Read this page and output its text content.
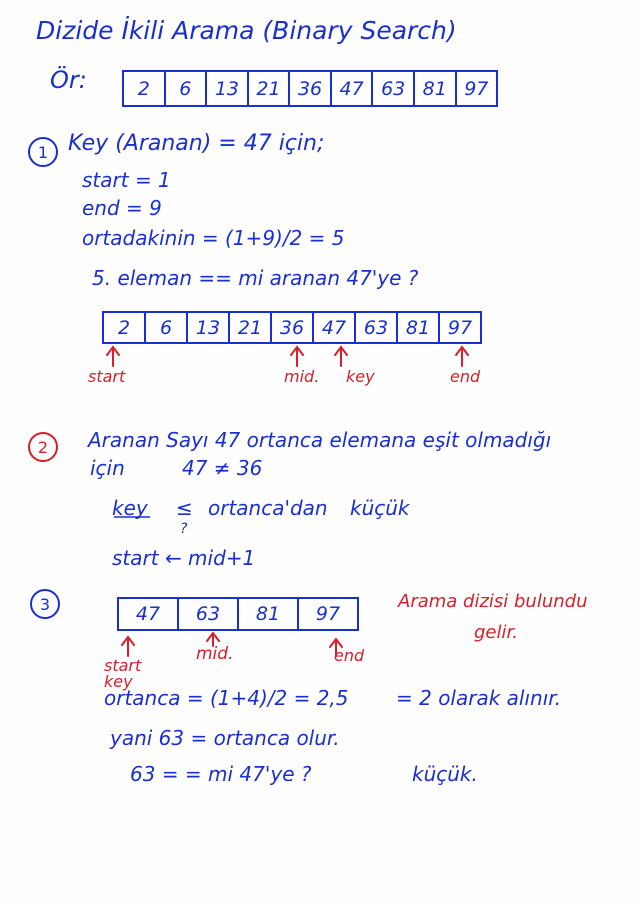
Dizide İkili Arama (Binary Search)
Ör:	2	6	13 21 36 47 63 81 97
1 Key (Aranan) = 47 için;
start = 1
end = 9
ortadakinin = (1+9)/2 = 5
5. eleman == mi aranan 47'ye ?
2	6	13 21 36 47 63 81 97
start	mid. key	end
2	Aranan Sayı 47 ortanca elemana eşit olmadığı
için	47 ≠ 36
key ≤ ortanca'dan küçük
?
start ← mid+1
3	47	63	81	97
Arama dizisi bulundu
gelir.
start
key
mid.	end
ortanca = (1+4)/2 = 2,5 = 2 olarak alınır.
yani 63 = ortanca olur.
63 = = mi 47'ye ?	küçük.
